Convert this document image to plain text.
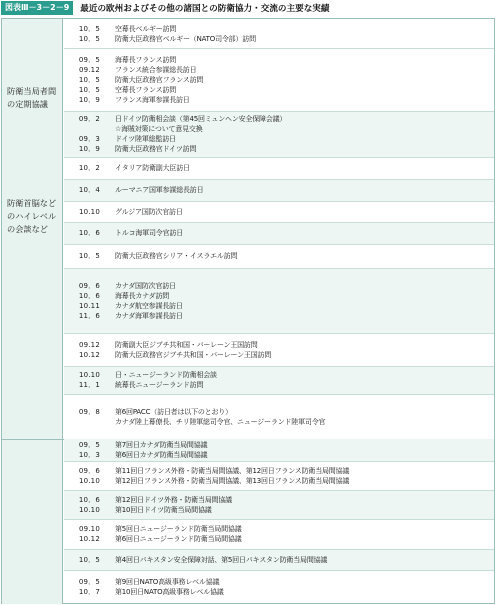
図表Ⅲ－3－2－9	最近の欧州およびその他の諸国との防衛協力・交流の主要な実績
防衛首脳などのハイレベルの会談など
防衛当局者間の定期協議
10．5 空幕長ベルギー訪問
10．5 防衛大臣政務官ベルギー（NATO司令部）訪問
09．5 海幕長フランス訪問
09.12 フランス統合参謀総長訪日
10．5 防衛大臣政務官フランス訪問
10．5 空幕長フランス訪問
10．9 フランス海軍参謀長訪日
09．2 日ドイツ防衛相会談（第45回ミュンヘン安全保障会議）
☆海賊対策について意見交換
09．3 ドイツ陸軍総監訪日
10．9 防衛大臣政務官ドイツ訪問
10．2 イタリア防衛副大臣訪日
10．4 ルーマニア国軍参謀総長訪日
10.10 グルジア国防次官訪日
10．6 トルコ海軍司令官訪日
10．5 防衛大臣政務官シリア・イスラエル訪問
09．6 カナダ国防次官訪日
10．6 海幕長カナダ訪問
10.11 カナダ航空参謀長訪日
11．6 カナダ海軍参謀長訪日
09.12 防衛副大臣ジブチ共和国・バーレーン王国訪問
10.12 防衛大臣政務官ジブチ共和国・バーレーン王国訪問
10.10 日・ニュージーランド防衛相会談
11．1 統幕長ニュージーランド訪問
09．8 第6回PACC（訪日者は以下のとおり）
カナダ陸上幕僚長、チリ陸軍総司令官、ニュージーランド陸軍司令官
09．5 第7回日カナダ防衛当局間協議
10．3 第6回日カナダ防衛当局間協議
09．6 第11回日フランス外務・防衛当局間協議、第12回日フランス防衛当局間協議
10.10 第12回日フランス外務・防衛当局間協議、第13回日フランス防衛当局間協議
10．6 第12回日ドイツ外務・防衛当局間協議
10.10 第10回日ドイツ防衛当局間協議
09.10 第5回日ニュージーランド防衛当局間協議
10.12 第6回日ニュージーランド防衛当局間協議
10．5 第4回日パキスタン安全保障対話、第5回日パキスタン防衛当局間協議
09．5 第9回日NATO高級事務レベル協議
10．7 第10回日NATO高級事務レベル協議
